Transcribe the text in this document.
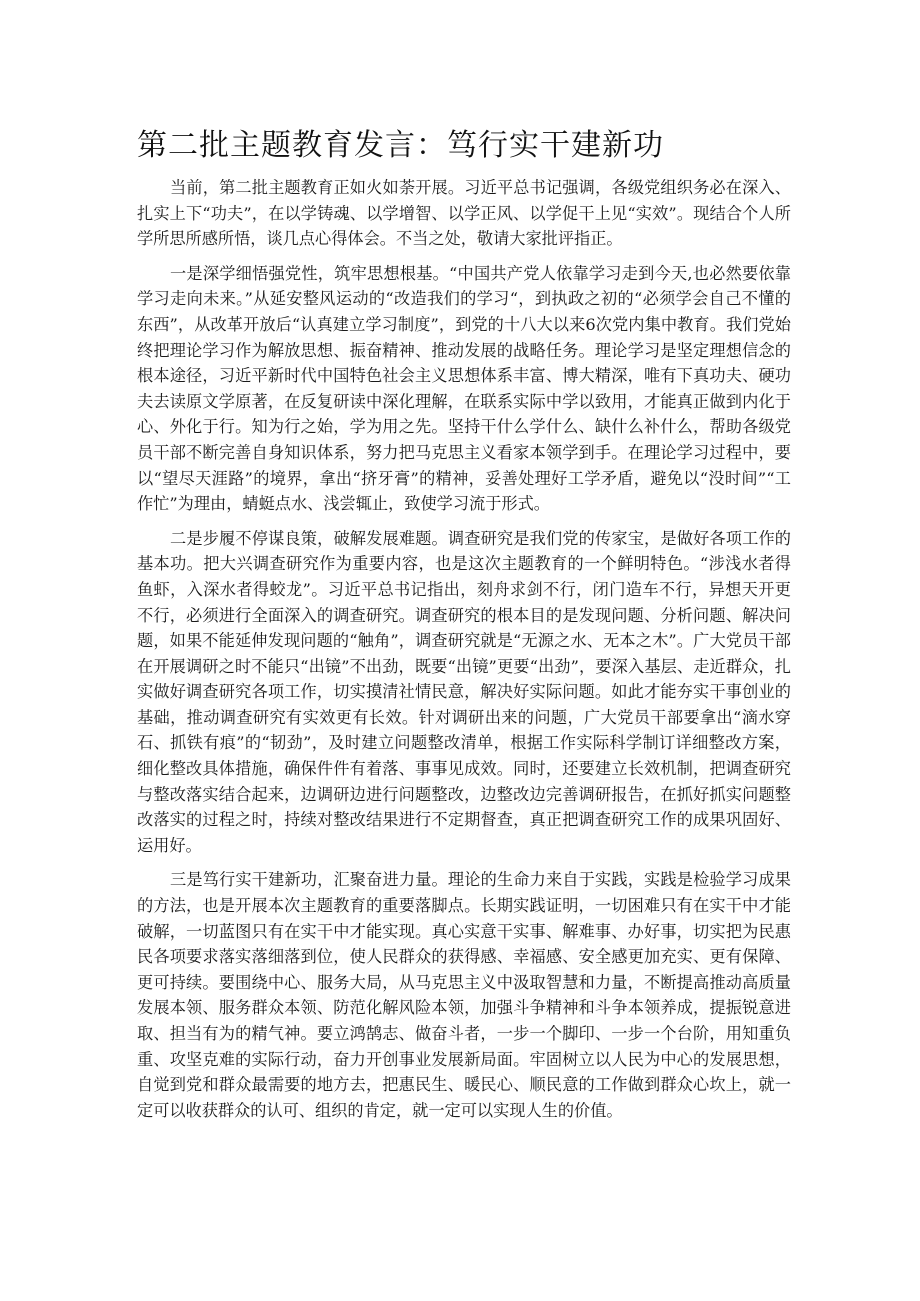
第二批主题教育发言：笃行实干建新功

当前，第二批主题教育正如火如荼开展。习近平总书记强调，各级党组织务必在深入、扎实上下“功夫”，在以学铸魂、以学增智、以学正风、以学促干上见“实效”。现结合个人所学所思所感所悟，谈几点心得体会。不当之处，敬请大家批评指正。

一是深学细悟强党性，筑牢思想根基。“中国共产党人依靠学习走到今天,也必然要依靠学习走向未来。”从延安整风运动的“改造我们的学习“，到执政之初的“必须学会自己不懂的东西”，从改革开放后“认真建立学习制度”，到党的十八大以来6次党内集中教育。我们党始终把理论学习作为解放思想、振奋精神、推动发展的战略任务。理论学习是坚定理想信念的根本途径，习近平新时代中国特色社会主义思想体系丰富、博大精深，唯有下真功夫、硬功夫去读原文学原著，在反复研读中深化理解，在联系实际中学以致用，才能真正做到内化于心、外化于行。知为行之始，学为用之先。坚持干什么学什么、缺什么补什么，帮助各级党员干部不断完善自身知识体系，努力把马克思主义看家本领学到手。在理论学习过程中，要以“望尽天涯路”的境界，拿出“挤牙膏”的精神，妥善处理好工学矛盾，避免以“没时间”“工作忙”为理由，蜻蜓点水、浅尝辄止，致使学习流于形式。

二是步履不停谋良策，破解发展难题。调查研究是我们党的传家宝，是做好各项工作的基本功。把大兴调查研究作为重要内容，也是这次主题教育的一个鲜明特色。“涉浅水者得鱼虾，入深水者得蛟龙”。习近平总书记指出，刻舟求剑不行，闭门造车不行，异想天开更不行，必须进行全面深入的调查研究。调查研究的根本目的是发现问题、分析问题、解决问题，如果不能延伸发现问题的“触角”，调查研究就是“无源之水、无本之木”。广大党员干部在开展调研之时不能只“出镜”不出劲，既要“出镜”更要“出劲”，要深入基层、走近群众，扎实做好调查研究各项工作，切实摸清社情民意，解决好实际问题。如此才能夯实干事创业的基础，推动调查研究有实效更有长效。针对调研出来的问题，广大党员干部要拿出“滴水穿石、抓铁有痕”的“韧劲”，及时建立问题整改清单，根据工作实际科学制订详细整改方案，细化整改具体措施，确保件件有着落、事事见成效。同时，还要建立长效机制，把调查研究与整改落实结合起来，边调研边进行问题整改，边整改边完善调研报告，在抓好抓实问题整改落实的过程之时，持续对整改结果进行不定期督查，真正把调查研究工作的成果巩固好、运用好。

三是笃行实干建新功，汇聚奋进力量。理论的生命力来自于实践，实践是检验学习成果的方法，也是开展本次主题教育的重要落脚点。长期实践证明，一切困难只有在实干中才能破解，一切蓝图只有在实干中才能实现。真心实意干实事、解难事、办好事，切实把为民惠民各项要求落实落细落到位，使人民群众的获得感、幸福感、安全感更加充实、更有保障、更可持续。要围绕中心、服务大局，从马克思主义中汲取智慧和力量，不断提高推动高质量发展本领、服务群众本领、防范化解风险本领，加强斗争精神和斗争本领养成，提振锐意进取、担当有为的精气神。要立鸿鹄志、做奋斗者，一步一个脚印、一步一个台阶，用知重负重、攻坚克难的实际行动，奋力开创事业发展新局面。牢固树立以人民为中心的发展思想，自觉到党和群众最需要的地方去，把惠民生、暖民心、顺民意的工作做到群众心坎上，就一定可以收获群众的认可、组织的肯定，就一定可以实现人生的价值。
